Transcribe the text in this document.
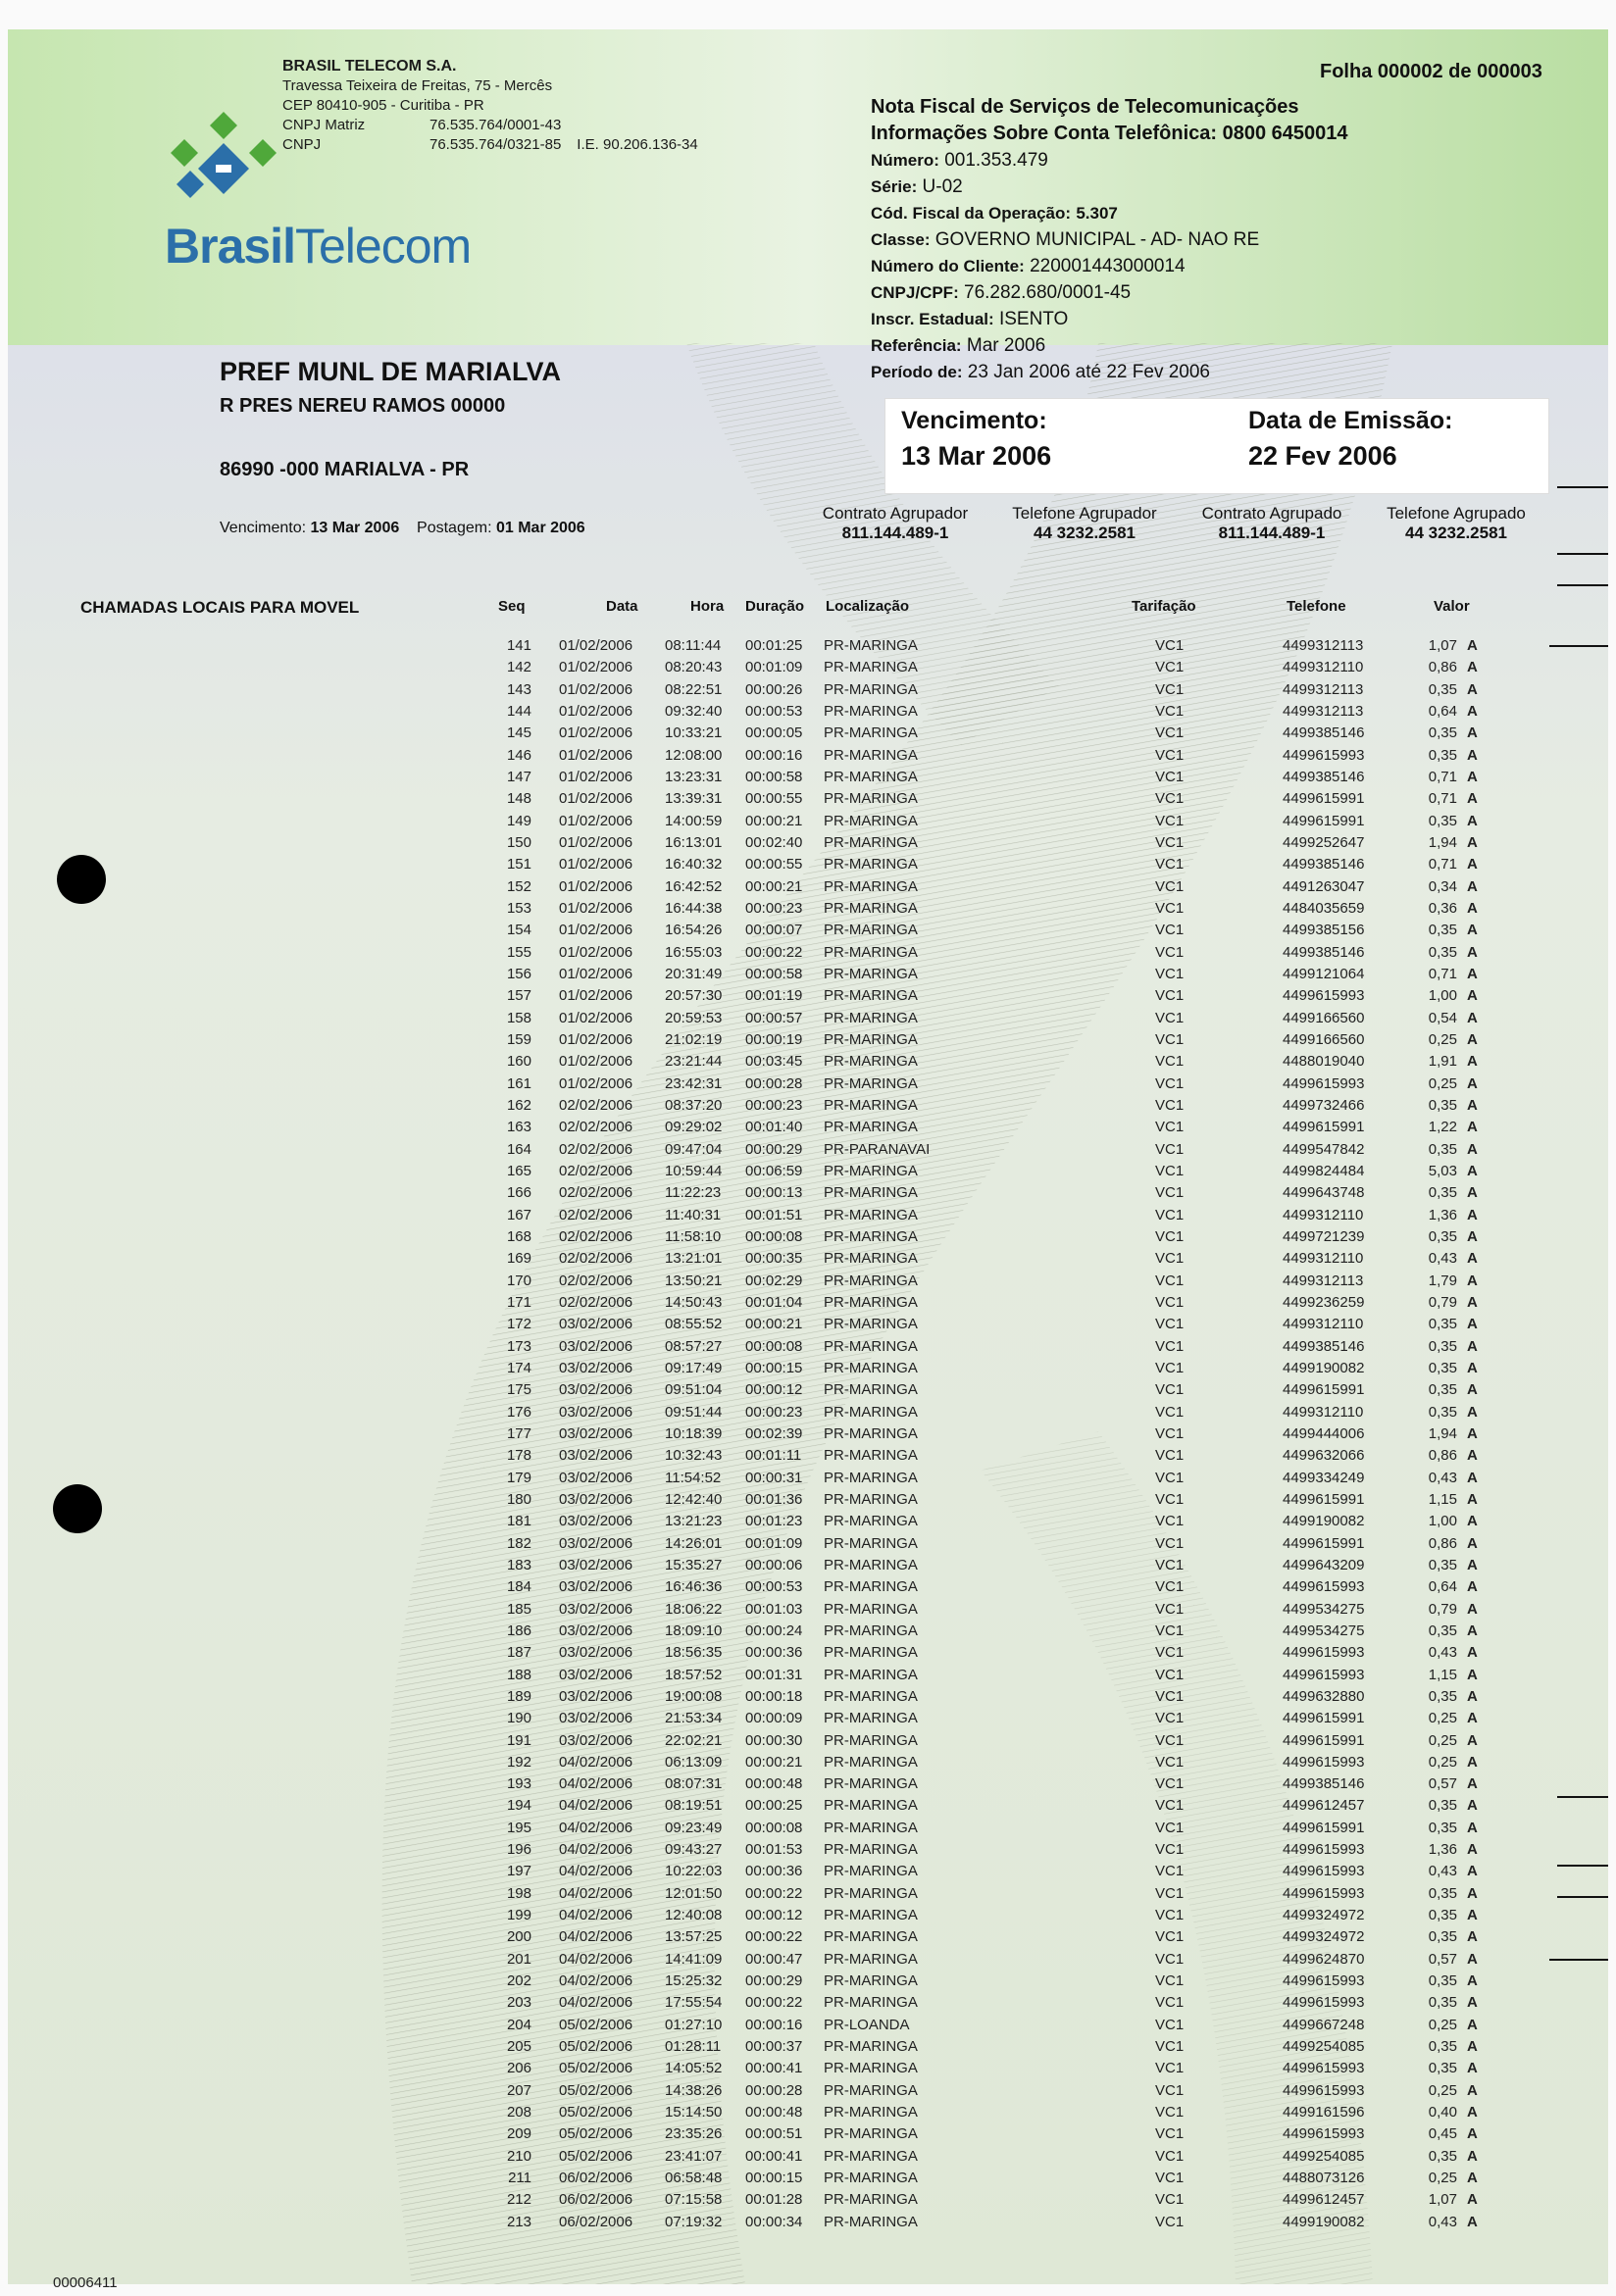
BrasilTelecom
BRASIL TELECOM S.A.
Travessa Teixeira de Freitas, 75 - Mercês
CEP 80410-905 - Curitiba - PR
CNPJ Matriz	76.535.764/0001-43
CNPJ	76.535.764/0321-85 I.E. 90.206.136-34
Folha 000002 de 000003
Nota Fiscal de Serviços de Telecomunicações
Informações Sobre Conta Telefônica: 0800 6450014
Número: 001.353.479
Série: U-02
Cód. Fiscal da Operação: 5.307
Classe: GOVERNO MUNICIPAL - AD- NAO RE
Número do Cliente: 220001443000014
CNPJ/CPF: 76.282.680/0001-45
Inscr. Estadual: ISENTO
Referência: Mar 2006
Período de: 23 Jan 2006 até 22 Fev 2006
PREF MUNL DE MARIALVA
R PRES NEREU RAMOS 00000
86990 -000 MARIALVA - PR
Vencimento: 13 Mar 2006 Postagem: 01 Mar 2006
Vencimento:
13 Mar 2006
Data de Emissão:
22 Fev 2006
Contrato Agrupador
811.144.489-1
Telefone Agrupador
44 3232.2581
Contrato Agrupado
811.144.489-1
Telefone Agrupado
44 3232.2581
CHAMADAS LOCAIS PARA MOVEL	Seq	Data	Hora Duração Localização	Tarifação	Telefone	Valor
141 01/02/2006 08:11:44 00:01:25 PR-MARINGA	VC1	4499312113	1,07 A
142 01/02/2006 08:20:43 00:01:09 PR-MARINGA	VC1	4499312110	0,86 A
143 01/02/2006 08:22:51 00:00:26 PR-MARINGA	VC1	4499312113	0,35 A
144 01/02/2006 09:32:40 00:00:53 PR-MARINGA	VC1	4499312113	0,64 A
145 01/02/2006 10:33:21 00:00:05 PR-MARINGA	VC1	4499385146	0,35 A
146 01/02/2006 12:08:00 00:00:16 PR-MARINGA	VC1	4499615993	0,35 A
147 01/02/2006 13:23:31 00:00:58 PR-MARINGA	VC1	4499385146	0,71 A
148 01/02/2006 13:39:31 00:00:55 PR-MARINGA	VC1	4499615991	0,71 A
149 01/02/2006 14:00:59 00:00:21 PR-MARINGA	VC1	4499615991	0,35 A
150 01/02/2006 16:13:01 00:02:40 PR-MARINGA	VC1	4499252647	1,94 A
151 01/02/2006 16:40:32 00:00:55 PR-MARINGA	VC1	4499385146	0,71 A
152 01/02/2006 16:42:52 00:00:21 PR-MARINGA	VC1	4491263047	0,34 A
153 01/02/2006 16:44:38 00:00:23 PR-MARINGA	VC1	4484035659	0,36 A
154 01/02/2006 16:54:26 00:00:07 PR-MARINGA	VC1	4499385156	0,35 A
155 01/02/2006 16:55:03 00:00:22 PR-MARINGA	VC1	4499385146	0,35 A
156 01/02/2006 20:31:49 00:00:58 PR-MARINGA	VC1	4499121064	0,71 A
157 01/02/2006 20:57:30 00:01:19 PR-MARINGA	VC1	4499615993	1,00 A
158 01/02/2006 20:59:53 00:00:57 PR-MARINGA	VC1	4499166560	0,54 A
159 01/02/2006 21:02:19 00:00:19 PR-MARINGA	VC1	4499166560	0,25 A
160 01/02/2006 23:21:44 00:03:45 PR-MARINGA	VC1	4488019040	1,91 A
161 01/02/2006 23:42:31 00:00:28 PR-MARINGA	VC1	4499615993	0,25 A
162 02/02/2006 08:37:20 00:00:23 PR-MARINGA	VC1	4499732466	0,35 A
163 02/02/2006 09:29:02 00:01:40 PR-MARINGA	VC1	4499615991	1,22 A
164 02/02/2006 09:47:04 00:00:29 PR-PARANAVAI	VC1	4499547842	0,35 A
165 02/02/2006 10:59:44 00:06:59 PR-MARINGA	VC1	4499824484	5,03 A
166 02/02/2006 11:22:23 00:00:13 PR-MARINGA	VC1	4499643748	0,35 A
167 02/02/2006 11:40:31 00:01:51 PR-MARINGA	VC1	4499312110	1,36 A
168 02/02/2006 11:58:10 00:00:08 PR-MARINGA	VC1	4499721239	0,35 A
169 02/02/2006 13:21:01 00:00:35 PR-MARINGA	VC1	4499312110	0,43 A
170 02/02/2006 13:50:21 00:02:29 PR-MARINGA	VC1	4499312113	1,79 A
171 02/02/2006 14:50:43 00:01:04 PR-MARINGA	VC1	4499236259	0,79 A
172 03/02/2006 08:55:52 00:00:21 PR-MARINGA	VC1	4499312110	0,35 A
173 03/02/2006 08:57:27 00:00:08 PR-MARINGA	VC1	4499385146	0,35 A
174 03/02/2006 09:17:49 00:00:15 PR-MARINGA	VC1	4499190082	0,35 A
175 03/02/2006 09:51:04 00:00:12 PR-MARINGA	VC1	4499615991	0,35 A
176 03/02/2006 09:51:44 00:00:23 PR-MARINGA	VC1	4499312110	0,35 A
177 03/02/2006 10:18:39 00:02:39 PR-MARINGA	VC1	4499444006	1,94 A
178 03/02/2006 10:32:43 00:01:11 PR-MARINGA	VC1	4499632066	0,86 A
179 03/02/2006 11:54:52 00:00:31 PR-MARINGA	VC1	4499334249	0,43 A
180 03/02/2006 12:42:40 00:01:36 PR-MARINGA	VC1	4499615991	1,15 A
181 03/02/2006 13:21:23 00:01:23 PR-MARINGA	VC1	4499190082	1,00 A
182 03/02/2006 14:26:01 00:01:09 PR-MARINGA	VC1	4499615991	0,86 A
183 03/02/2006 15:35:27 00:00:06 PR-MARINGA	VC1	4499643209	0,35 A
184 03/02/2006 16:46:36 00:00:53 PR-MARINGA	VC1	4499615993	0,64 A
185 03/02/2006 18:06:22 00:01:03 PR-MARINGA	VC1	4499534275	0,79 A
186 03/02/2006 18:09:10 00:00:24 PR-MARINGA	VC1	4499534275	0,35 A
187 03/02/2006 18:56:35 00:00:36 PR-MARINGA	VC1	4499615993	0,43 A
188 03/02/2006 18:57:52 00:01:31 PR-MARINGA	VC1	4499615993	1,15 A
189 03/02/2006 19:00:08 00:00:18 PR-MARINGA	VC1	4499632880	0,35 A
190 03/02/2006 21:53:34 00:00:09 PR-MARINGA	VC1	4499615991	0,25 A
191 03/02/2006 22:02:21 00:00:30 PR-MARINGA	VC1	4499615991	0,25 A
192 04/02/2006 06:13:09 00:00:21 PR-MARINGA	VC1	4499615993	0,25 A
193 04/02/2006 08:07:31 00:00:48 PR-MARINGA	VC1	4499385146	0,57 A
194 04/02/2006 08:19:51 00:00:25 PR-MARINGA	VC1	4499612457	0,35 A
195 04/02/2006 09:23:49 00:00:08 PR-MARINGA	VC1	4499615991	0,35 A
196 04/02/2006 09:43:27 00:01:53 PR-MARINGA	VC1	4499615993	1,36 A
197 04/02/2006 10:22:03 00:00:36 PR-MARINGA	VC1	4499615993	0,43 A
198 04/02/2006 12:01:50 00:00:22 PR-MARINGA	VC1	4499615993	0,35 A
199 04/02/2006 12:40:08 00:00:12 PR-MARINGA	VC1	4499324972	0,35 A
200 04/02/2006 13:57:25 00:00:22 PR-MARINGA	VC1	4499324972	0,35 A
201 04/02/2006 14:41:09 00:00:47 PR-MARINGA	VC1	4499624870	0,57 A
202 04/02/2006 15:25:32 00:00:29 PR-MARINGA	VC1	4499615993	0,35 A
203 04/02/2006 17:55:54 00:00:22 PR-MARINGA	VC1	4499615993	0,35 A
204 05/02/2006 01:27:10 00:00:16 PR-LOANDA	VC1	4499667248	0,25 A
205 05/02/2006 01:28:11 00:00:37 PR-MARINGA	VC1	4499254085	0,35 A
206 05/02/2006 14:05:52 00:00:41 PR-MARINGA	VC1	4499615993	0,35 A
207 05/02/2006 14:38:26 00:00:28 PR-MARINGA	VC1	4499615993	0,25 A
208 05/02/2006 15:14:50 00:00:48 PR-MARINGA	VC1	4499161596	0,40 A
209 05/02/2006 23:35:26 00:00:51 PR-MARINGA	VC1	4499615993	0,45 A
210 05/02/2006 23:41:07 00:00:41 PR-MARINGA	VC1	4499254085	0,35 A
211 06/02/2006 06:58:48 00:00:15 PR-MARINGA	VC1	4488073126	0,25 A
212 06/02/2006 07:15:58 00:01:28 PR-MARINGA	VC1	4499612457	1,07 A
213 06/02/2006 07:19:32 00:00:34 PR-MARINGA	VC1	4499190082	0,43 A
00006411
